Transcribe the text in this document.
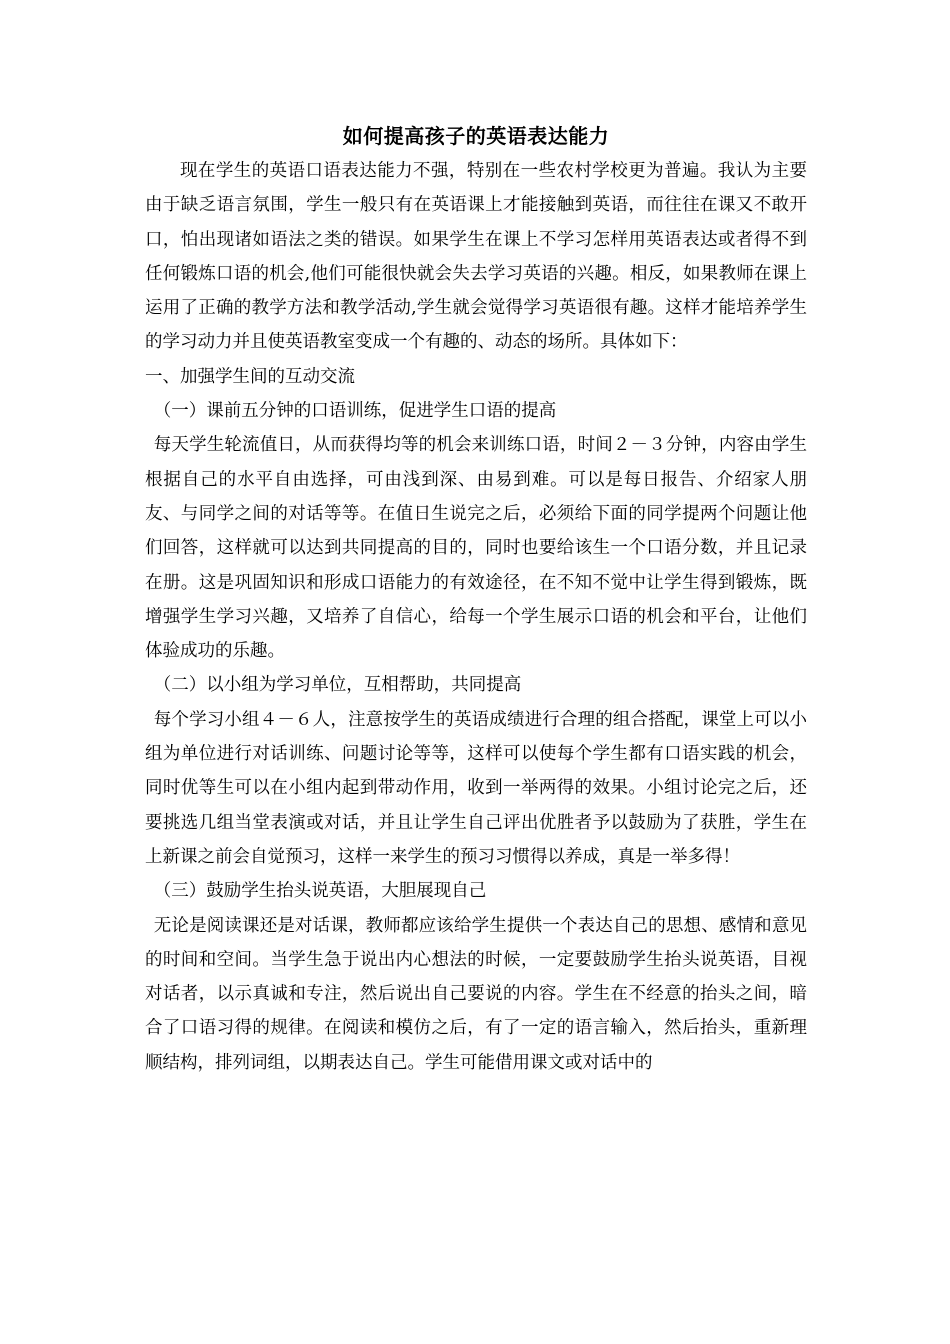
如何提高孩子的英语表达能力

现在学生的英语口语表达能力不强，特别在一些农村学校更为普遍。我认为主要由于缺乏语言氛围，学生一般只有在英语课上才能接触到英语，而往往在课又不敢开口，怕出现诸如语法之类的错误。如果学生在课上不学习怎样用英语表达或者得不到任何锻炼口语的机会,他们可能很快就会失去学习英语的兴趣。相反，如果教师在课上运用了正确的教学方法和教学活动,学生就会觉得学习英语很有趣。这样才能培养学生的学习动力并且使英语教室变成一个有趣的、动态的场所。具体如下：

一、加强学生间的互动交流

（一）课前五分钟的口语训练，促进学生口语的提高

每天学生轮流值日，从而获得均等的机会来训练口语，时间２－３分钟，内容由学生根据自己的水平自由选择，可由浅到深、由易到难。可以是每日报告、介绍家人朋友、与同学之间的对话等等。在值日生说完之后，必须给下面的同学提两个问题让他们回答，这样就可以达到共同提高的目的，同时也要给该生一个口语分数，并且记录在册。这是巩固知识和形成口语能力的有效途径，在不知不觉中让学生得到锻炼，既增强学生学习兴趣，又培养了自信心，给每一个学生展示口语的机会和平台，让他们体验成功的乐趣。

（二）以小组为学习单位，互相帮助，共同提高

每个学习小组４－６人，注意按学生的英语成绩进行合理的组合搭配，课堂上可以小组为单位进行对话训练、问题讨论等等，这样可以使每个学生都有口语实践的机会，同时优等生可以在小组内起到带动作用，收到一举两得的效果。小组讨论完之后，还要挑选几组当堂表演或对话，并且让学生自己评出优胜者予以鼓励为了获胜，学生在上新课之前会自觉预习，这样一来学生的预习习惯得以养成，真是一举多得！

（三）鼓励学生抬头说英语，大胆展现自己

无论是阅读课还是对话课，教师都应该给学生提供一个表达自己的思想、感情和意见的时间和空间。当学生急于说出内心想法的时候，一定要鼓励学生抬头说英语，目视对话者，以示真诚和专注，然后说出自己要说的内容。学生在不经意的抬头之间，暗合了口语习得的规律。在阅读和模仿之后，有了一定的语言输入，然后抬头，重新理顺结构，排列词组，以期表达自己。学生可能借用课文或对话中的
